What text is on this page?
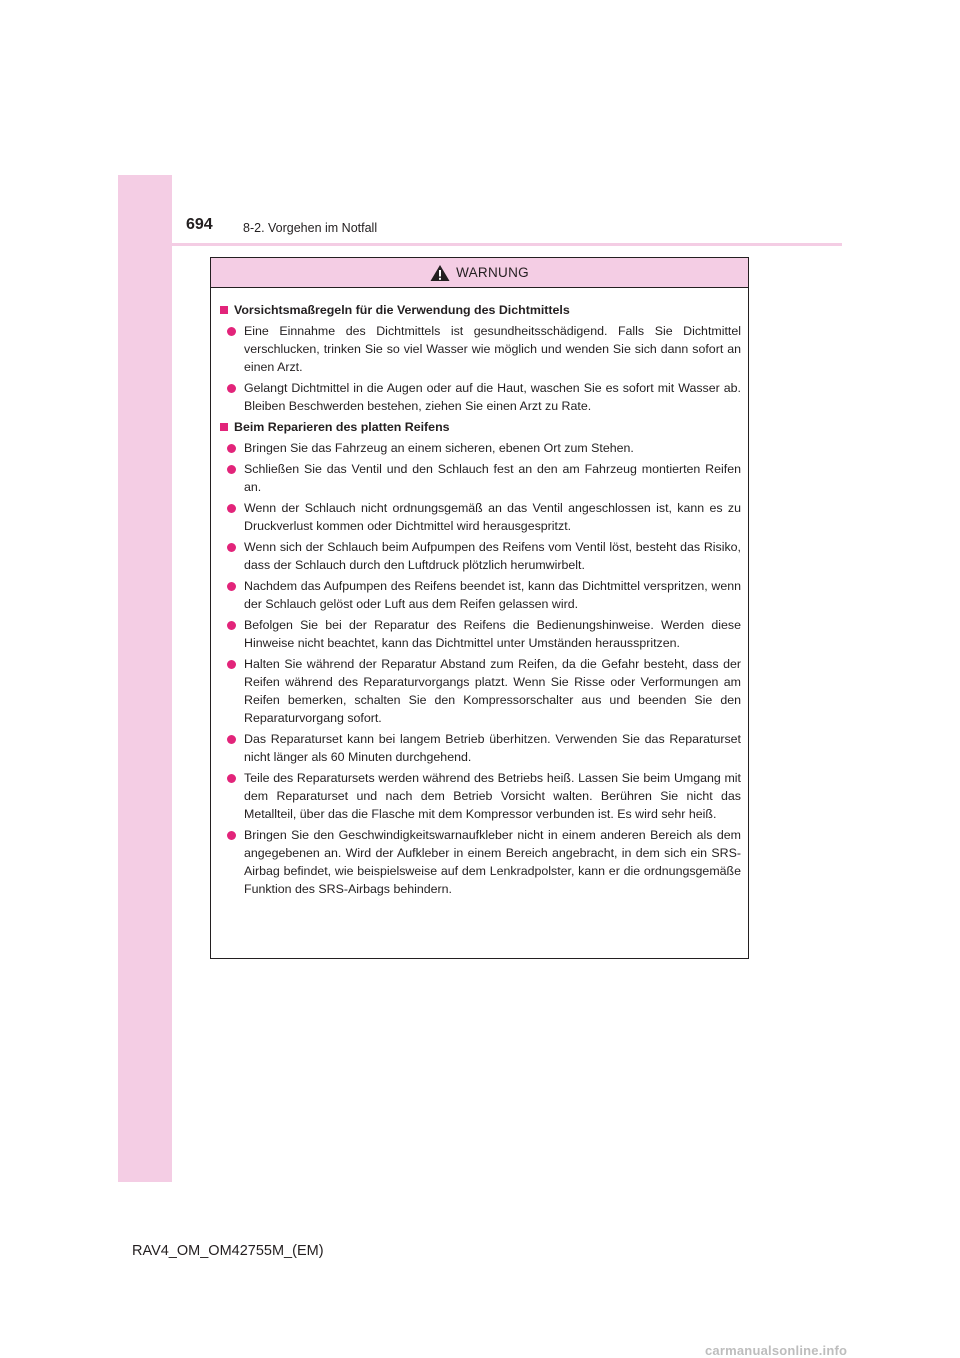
694 8-2. Vorgehen im Notfall
WARNUNG
Vorsichtsmaßregeln für die Verwendung des Dichtmittels
Eine Einnahme des Dichtmittels ist gesundheitsschädigend. Falls Sie Dichtmittel verschlucken, trinken Sie so viel Wasser wie möglich und wenden Sie sich dann sofort an einen Arzt.
Gelangt Dichtmittel in die Augen oder auf die Haut, waschen Sie es sofort mit Wasser ab. Bleiben Beschwerden bestehen, ziehen Sie einen Arzt zu Rate.
Beim Reparieren des platten Reifens
Bringen Sie das Fahrzeug an einem sicheren, ebenen Ort zum Stehen.
Schließen Sie das Ventil und den Schlauch fest an den am Fahrzeug montierten Reifen an.
Wenn der Schlauch nicht ordnungsgemäß an das Ventil angeschlossen ist, kann es zu Druckverlust kommen oder Dichtmittel wird herausgespritzt.
Wenn sich der Schlauch beim Aufpumpen des Reifens vom Ventil löst, besteht das Risiko, dass der Schlauch durch den Luftdruck plötzlich herumwirbelt.
Nachdem das Aufpumpen des Reifens beendet ist, kann das Dichtmittel verspritzen, wenn der Schlauch gelöst oder Luft aus dem Reifen gelassen wird.
Befolgen Sie bei der Reparatur des Reifens die Bedienungshinweise. Werden diese Hinweise nicht beachtet, kann das Dichtmittel unter Umständen herausspritzen.
Halten Sie während der Reparatur Abstand zum Reifen, da die Gefahr besteht, dass der Reifen während des Reparaturvorgangs platzt. Wenn Sie Risse oder Verformungen am Reifen bemerken, schalten Sie den Kompressorschalter aus und beenden Sie den Reparaturvorgang sofort.
Das Reparaturset kann bei langem Betrieb überhitzen. Verwenden Sie das Reparaturset nicht länger als 60 Minuten durchgehend.
Teile des Reparatursets werden während des Betriebs heiß. Lassen Sie beim Umgang mit dem Reparaturset und nach dem Betrieb Vorsicht walten. Berühren Sie nicht das Metallteil, über das die Flasche mit dem Kompressor verbunden ist. Es wird sehr heiß.
Bringen Sie den Geschwindigkeitswarnaufkleber nicht in einem anderen Bereich als dem angegebenen an. Wird der Aufkleber in einem Bereich angebracht, in dem sich ein SRS-Airbag befindet, wie beispielsweise auf dem Lenkradpolster, kann er die ordnungsgemäße Funktion des SRS-Airbags behindern.
RAV4_OM_OM42755M_(EM)
carmanualsonline.info
